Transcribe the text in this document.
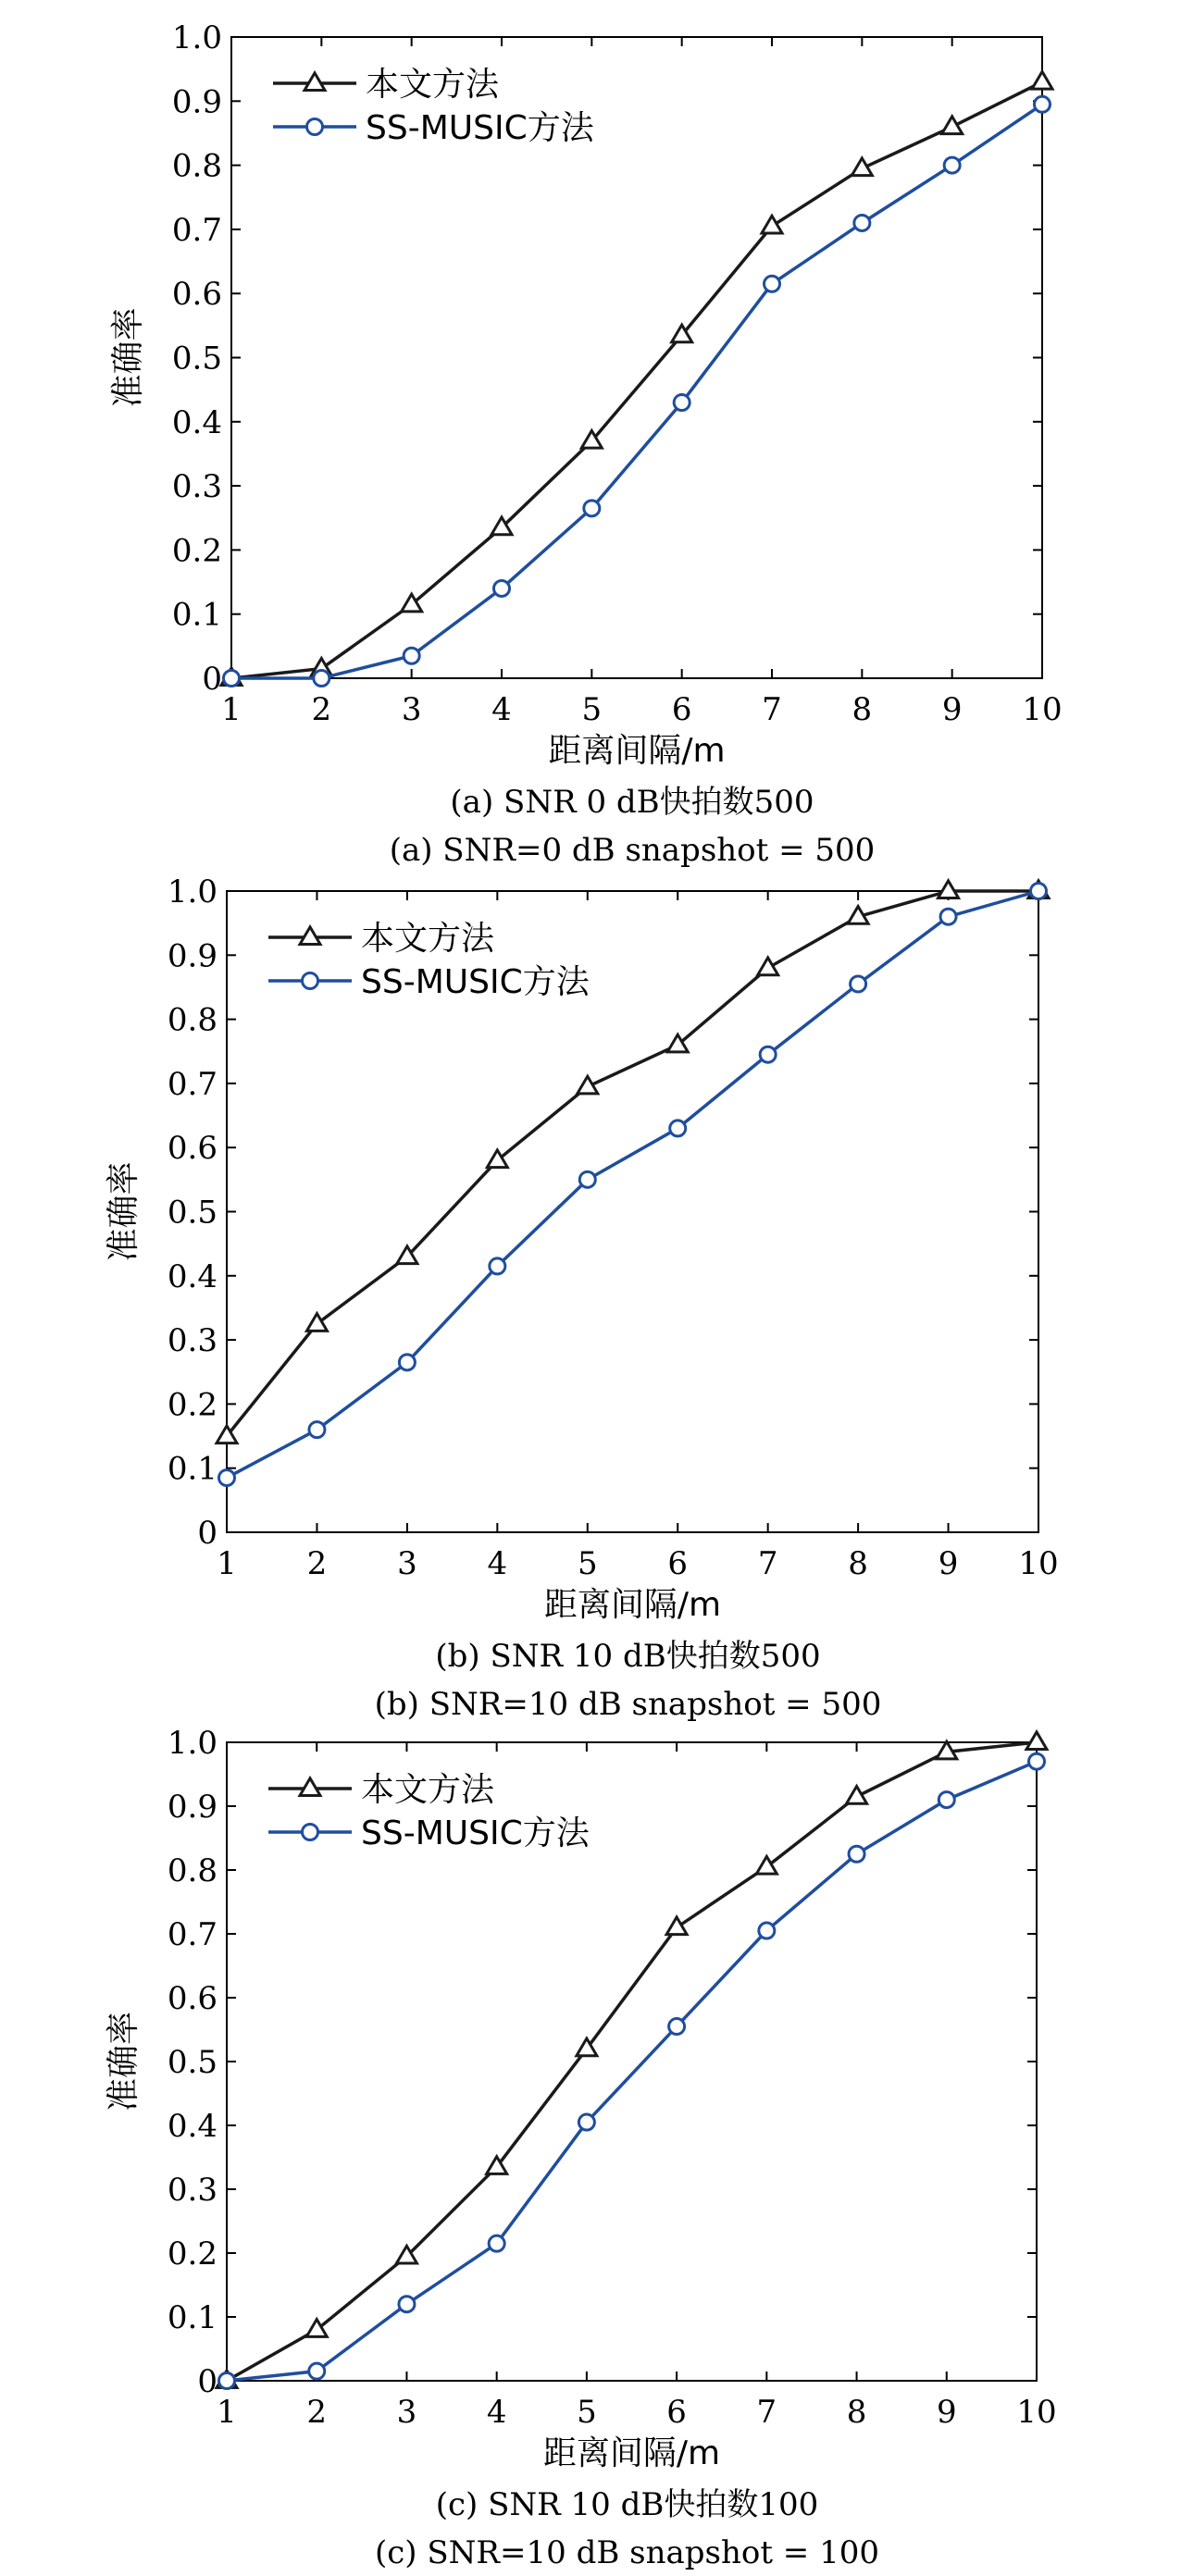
0
0.1
0.2
0.3
0.4
0.5
0.6
0.7
0.8
0.9
1.0
1 2 3 4 5 6 7 8 9 10
距离间隔/m
准确率
(a) SNR 0 dB快拍数500
(a) SNR=0 dB snapshot = 500
本文方法
SS-MUSIC方法
0
0.1
0.2
0.3
0.4
0.5
0.6
0.7
0.8
0.9
1.0
1 2 3 4 5 6 7 8 9 10
距离间隔/m
准确率
(b) SNR 10 dB快拍数500
(b) SNR=10 dB snapshot = 500
本文方法
SS-MUSIC方法
0
0.1
0.2
0.3
0.4
0.5
0.6
0.7
0.8
0.9
1.0
1 2 3 4 5 6 7 8 9 10
距离间隔/m
准确率
(c) SNR 10 dB快拍数100
(c) SNR=10 dB snapshot = 100
本文方法
SS-MUSIC方法
